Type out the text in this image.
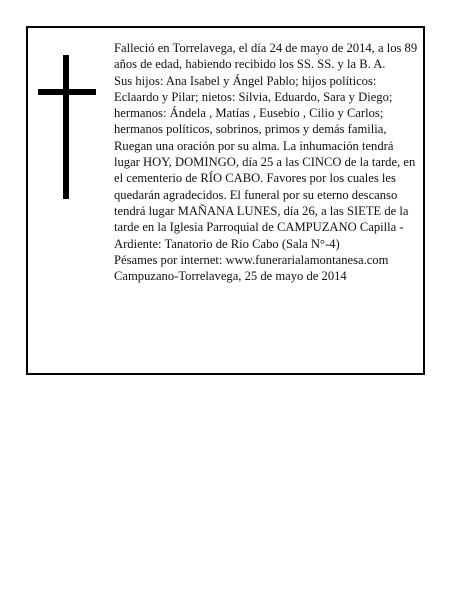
Falleció en Torrelavega, el día 24 de mayo de 2014, a los 89 años de edad, habiendo recibido los SS. SS. y la B. A.

Sus hijos: Ana Isabel y Ángel Pablo; hijos políticos: Eclaardo y Pilar; nietos: Silvia, Eduardo, Sara y Diego; hermanos: Ándela , Matías , Eusebio , Cilio y Carlos; hermanos políticos, sobrinos, primos y demás familia, Ruegan una oración por su alma. La inhumación tendrá lugar HOY, DOMINGO, día 25 a las CINCO de la tarde, en el cementerio de RÍO CABO. Favores por los cuales les quedarán agradecidos. El funeral por su eterno descanso tendrá lugar MAÑANA LUNES, día 26, a las SIETE de la tarde en la Iglesia Parroquial de CAMPUZANO Capilla -Ardiente: Tanatorio de Rio Cabo (Sala N°-4)

Pésames por internet: www.funerarialamontanesa.com

Campuzano-Torrelavega, 25 de mayo de 2014
